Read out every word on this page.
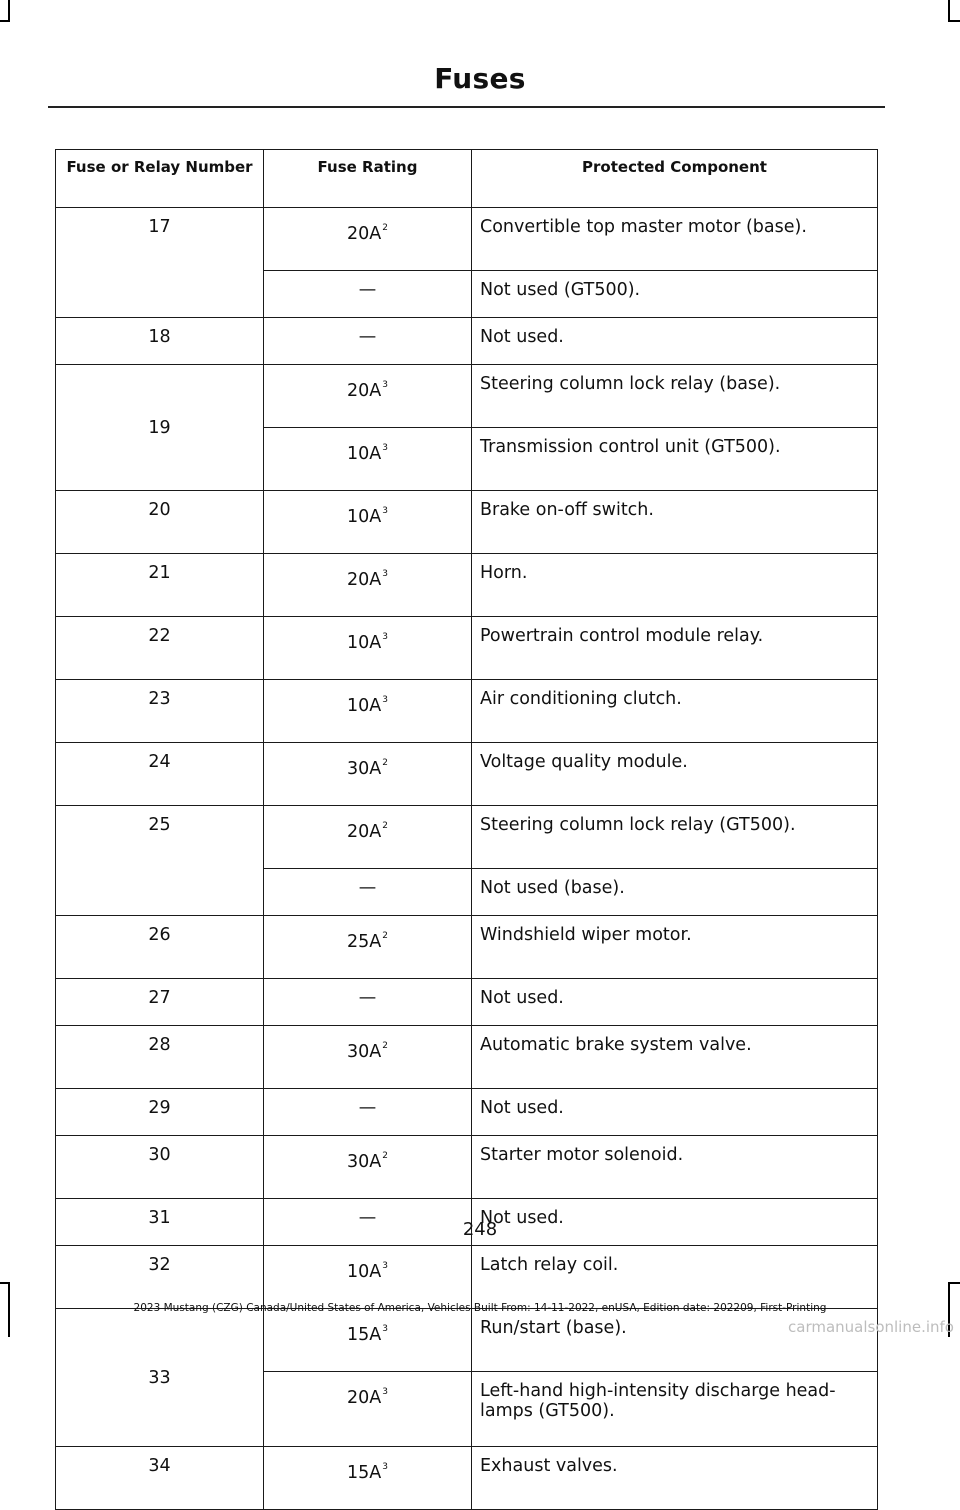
Fuses
Fuse or Relay Number	Fuse Rating	Protected Component
17	$20A^2$	Convertible top master motor (base).
	—	Not used (GT500).
18	—	Not used.
19	$20A^3$	Steering column lock relay (base).
	$10A^3$	Transmission control unit (GT500).
20	$10A^3$	Brake on-off switch.
21	$20A^3$	Horn.
22	$10A^3$	Powertrain control module relay.
23	$10A^3$	Air conditioning clutch.
24	$30A^2$	Voltage quality module.
25	$20A^2$	Steering column lock relay (GT500).
	—	Not used (base).
26	$25A^2$	Windshield wiper motor.
27	—	Not used.
28	$30A^2$	Automatic brake system valve.
29	—	Not used.
30	$30A^2$	Starter motor solenoid.
31	—	Not used.
32	$10A^3$	Latch relay coil.
33	$15A^3$	Run/start (base).
	$20A^3$	Left-hand high-intensity discharge head-lamps (GT500).
34	$15A^3$	Exhaust valves.
248
2023 Mustang (CZG) Canada/United States of America, Vehicles Built From: 14-11-2022, enUSA, Edition date: 202209, First-Printing
carmanualsonline.info
